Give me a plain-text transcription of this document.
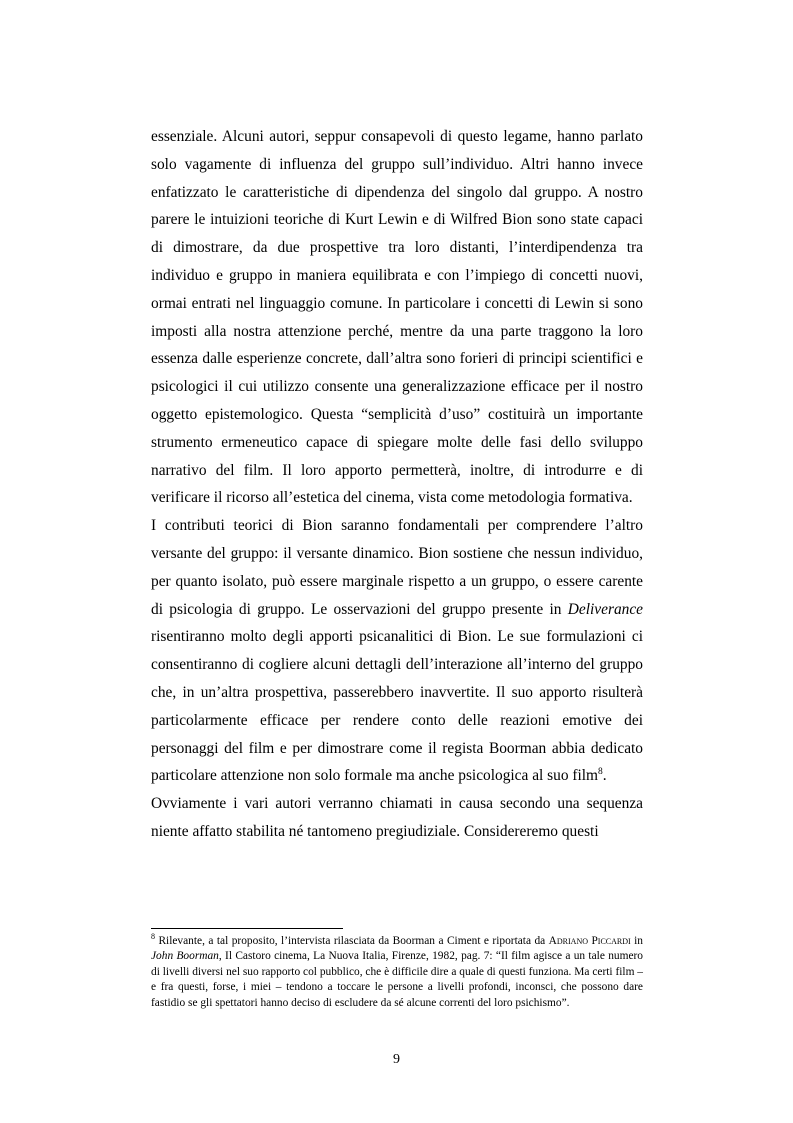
essenziale. Alcuni autori, seppur consapevoli di questo legame, hanno parlato solo vagamente di influenza del gruppo sull’individuo. Altri hanno invece enfatizzato le caratteristiche di dipendenza del singolo dal gruppo. A nostro parere le intuizioni teoriche di Kurt Lewin e di Wilfred Bion sono state capaci di dimostrare, da due prospettive tra loro distanti, l’interdipendenza tra individuo e gruppo in maniera equilibrata e con l’impiego di concetti nuovi, ormai entrati nel linguaggio comune. In particolare i concetti di Lewin si sono imposti alla nostra attenzione perché, mentre da una parte traggono la loro essenza dalle esperienze concrete, dall’altra sono forieri di principi scientifici e psicologici il cui utilizzo consente una generalizzazione efficace per il nostro oggetto epistemologico. Questa “semplicità d’uso” costituirà un importante strumento ermeneutico capace di spiegare molte delle fasi dello sviluppo narrativo del film. Il loro apporto permetterà, inoltre, di introdurre e di verificare il ricorso all’estetica del cinema, vista come metodologia formativa.

I contributi teorici di Bion saranno fondamentali per comprendere l’altro versante del gruppo: il versante dinamico. Bion sostiene che nessun individuo, per quanto isolato, può essere marginale rispetto a un gruppo, o essere carente di psicologia di gruppo. Le osservazioni del gruppo presente in Deliverance risentiranno molto degli apporti psicanalitici di Bion. Le sue formulazioni ci consentiranno di cogliere alcuni dettagli dell’interazione all’interno del gruppo che, in un’altra prospettiva, passerebbero inavvertite. Il suo apporto risulterà particolarmente efficace per rendere conto delle reazioni emotive dei personaggi del film e per dimostrare come il regista Boorman abbia dedicato particolare attenzione non solo formale ma anche psicologica al suo film$^8$.

Ovviamente i vari autori verranno chiamati in causa secondo una sequenza niente affatto stabilita né tantomeno pregiudiziale. Considereremo questi

$^8$ Rilevante, a tal proposito, l’intervista rilasciata da Boorman a Ciment e riportata da Adriano Piccardi in John Boorman, Il Castoro cinema, La Nuova Italia, Firenze, 1982, pag. 7: “Il film agisce a un tale numero di livelli diversi nel suo rapporto col pubblico, che è difficile dire a quale di questi funziona. Ma certi film – e fra questi, forse, i miei – tendono a toccare le persone a livelli profondi, inconsci, che possono dare fastidio se gli spettatori hanno deciso di escludere da sé alcune correnti del loro psichismo”.

9
